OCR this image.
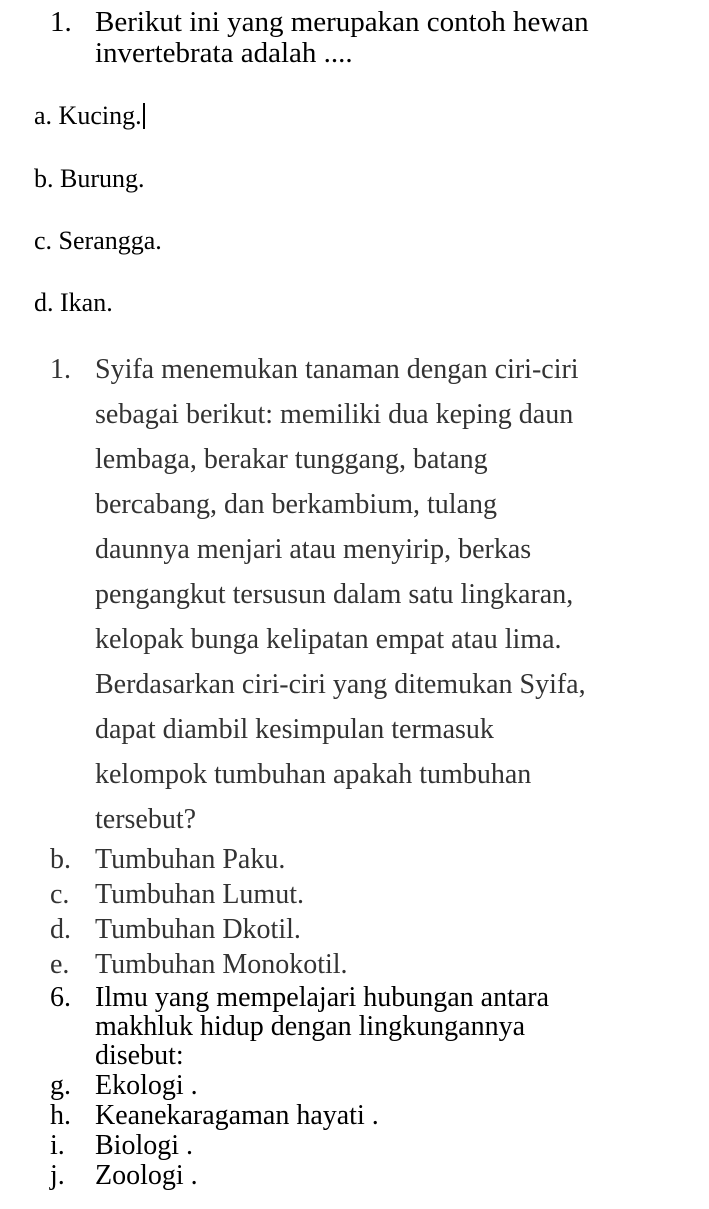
1. Berikut ini yang merupakan contoh hewan
invertebrata adalah ....
a. Kucing.
b. Burung.
c. Serangga.
d. Ikan.
1. Syifa menemukan tanaman dengan ciri-ciri
sebagai berikut: memiliki dua keping daun
lembaga, berakar tunggang, batang
bercabang, dan berkambium, tulang
daunnya menjari atau menyirip, berkas
pengangkut tersusun dalam satu lingkaran,
kelopak bunga kelipatan empat atau lima.
Berdasarkan ciri-ciri yang ditemukan Syifa,
dapat diambil kesimpulan termasuk
kelompok tumbuhan apakah tumbuhan
tersebut?
b. Tumbuhan Paku.
c. Tumbuhan Lumut.
d. Tumbuhan Dkotil.
e. Tumbuhan Monokotil.
6. Ilmu yang mempelajari hubungan antara
makhluk hidup dengan lingkungannya
disebut:
g. Ekologi .
h. Keanekaragaman hayati .
i. Biologi .
j. Zoologi .
